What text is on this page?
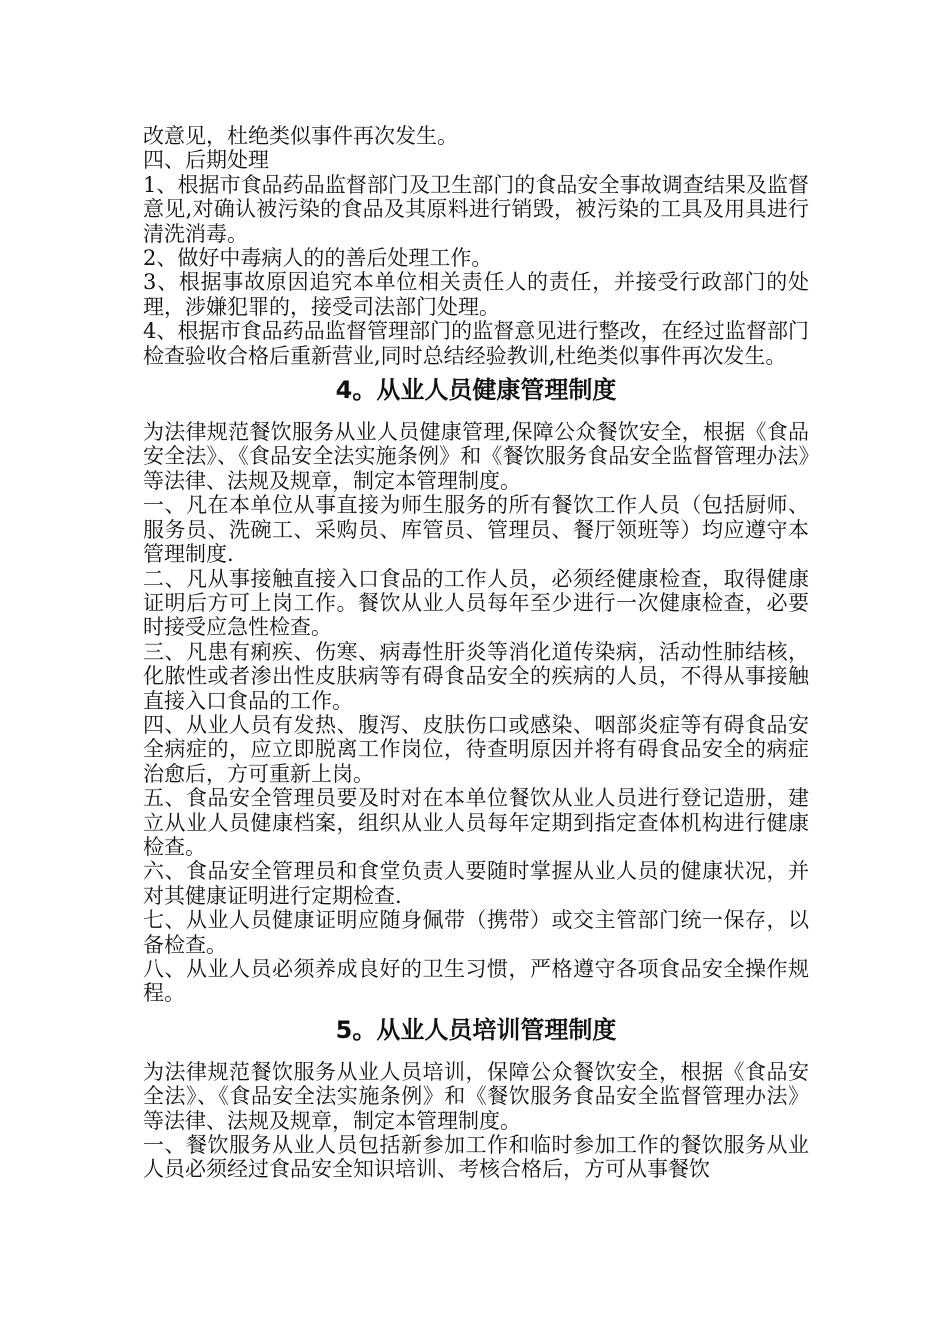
改意见，杜绝类似事件再次发生。

四、后期处理

1、根据市食品药品监督部门及卫生部门的食品安全事故调查结果及监督意见,对确认被污染的食品及其原料进行销毁，被污染的工具及用具进行清洗消毒。

2、做好中毒病人的的善后处理工作。

3、根据事故原因追究本单位相关责任人的责任，并接受行政部门的处理，涉嫌犯罪的，接受司法部门处理。

4、根据市食品药品监督管理部门的监督意见进行整改，在经过监督部门检查验收合格后重新营业,同时总结经验教训,杜绝类似事件再次发生。

4。从业人员健康管理制度

为法律规范餐饮服务从业人员健康管理,保障公众餐饮安全，根据《食品安全法》、《食品安全法实施条例》和《餐饮服务食品安全监督管理办法》等法律、法规及规章，制定本管理制度。

一、凡在本单位从事直接为师生服务的所有餐饮工作人员（包括厨师、服务员、洗碗工、采购员、库管员、管理员、餐厅领班等）均应遵守本管理制度.

二、凡从事接触直接入口食品的工作人员，必须经健康检查，取得健康证明后方可上岗工作。餐饮从业人员每年至少进行一次健康检查，必要时接受应急性检查。

三、凡患有痢疾、伤寒、病毒性肝炎等消化道传染病，活动性肺结核，化脓性或者渗出性皮肤病等有碍食品安全的疾病的人员，不得从事接触直接入口食品的工作。

四、从业人员有发热、腹泻、皮肤伤口或感染、咽部炎症等有碍食品安全病症的，应立即脱离工作岗位，待查明原因并将有碍食品安全的病症治愈后，方可重新上岗。

五、食品安全管理员要及时对在本单位餐饮从业人员进行登记造册，建立从业人员健康档案，组织从业人员每年定期到指定查体机构进行健康检查。

六、食品安全管理员和食堂负责人要随时掌握从业人员的健康状况，并对其健康证明进行定期检查.

七、从业人员健康证明应随身佩带（携带）或交主管部门统一保存，以备检查。

八、从业人员必须养成良好的卫生习惯，严格遵守各项食品安全操作规程。

5。从业人员培训管理制度

为法律规范餐饮服务从业人员培训，保障公众餐饮安全，根据《食品安全法》、《食品安全法实施条例》和《餐饮服务食品安全监督管理办法》等法律、法规及规章，制定本管理制度。

一、餐饮服务从业人员包括新参加工作和临时参加工作的餐饮服务从业人员必须经过食品安全知识培训、考核合格后，方可从事餐饮
